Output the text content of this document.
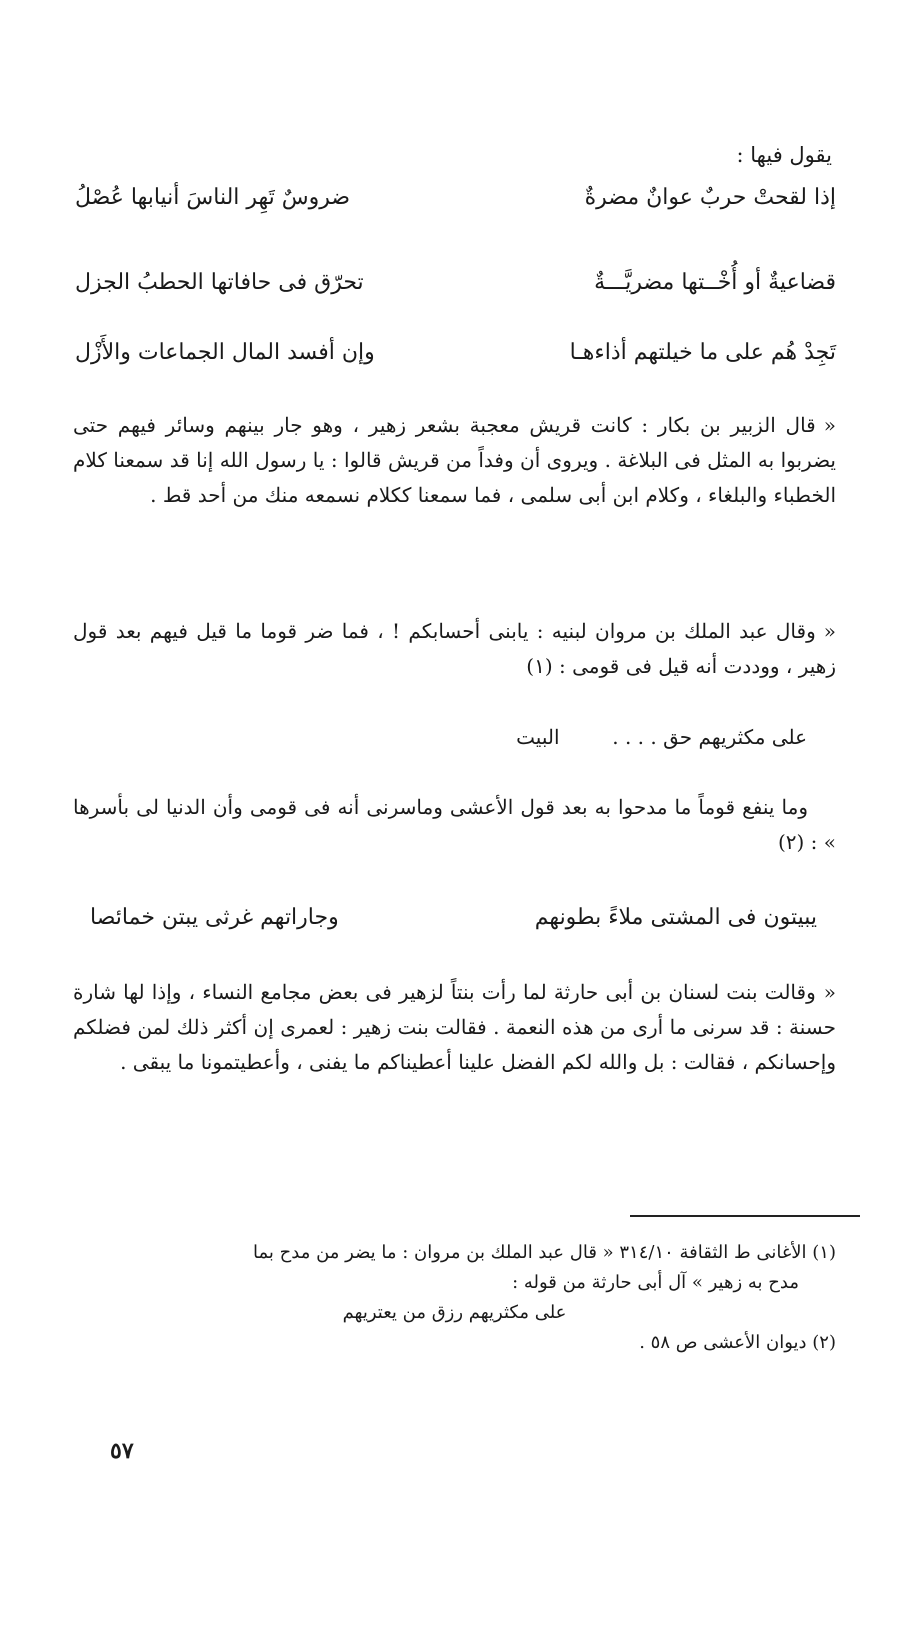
يقول فيها :
إذا لقحتْ حربٌ عوانٌ مضرةٌ
ضروسٌ تَهِر الناسَ أنيابها عُصْلُ
قضاعيةٌ أو أُخْــتها مضريَّـــةٌ
تحرّق فى حافاتها الحطبُ الجزل
تَجِدْ هُم على ما خيلتهم أذاءهـا
وإن أفسد المال الجماعات والأَزْل
«قال الزبير بن بكار : كانت قريش معجبة بشعر زهير ، وهو جار بينهم وسائر فيهم حتى يضربوا به المثل فى البلاغة . ويروى أن وفداً من قريش قالوا : يا رسول الله إنا قد سمعنا كلام الخطباء والبلغاء ، وكلام ابن أبى سلمى ، فما سمعنا ككلام نسمعه منك من أحد قط .
«وقال عبد الملك بن مروان لبنيه : يابنى أحسابكم ! ، فما ضر قوما ما قيل فيهم بعد قول زهير ، ووددت أنه قيل فى قومى : (١)
على مكثريهم حق . . . .  البيت
وما ينفع قوماً ما مدحوا به بعد قول الأعشى وماسرنى أنه فى قومى وأن الدنيا لى بأسرها » : (٢)
يبيتون فى المشتى ملاءً بطونهم
وجاراتهم غرثى يبتن خمائصا
«وقالت بنت لسنان بن أبى حارثة لما رأت بنتاً لزهير فى بعض مجامع النساء ، وإذا لها شارة حسنة : قد سرنى ما أرى من هذه النعمة . فقالت بنت زهير : لعمرى إن أكثر ذلك لمن فضلكم وإحسانكم ، فقالت : بل والله لكم الفضل علينا أعطيناكم ما يفنى ، وأعطيتمونا ما يبقى .
(١) الأغانى ط الثقافة ٣١٤/١٠ « قال عبد الملك بن مروان : ما يضر من مدح بما
مدح به زهير » آل أبى حارثة من قوله :
على مكثريهم رزق من يعتريهم
(٢) ديوان الأعشى ص ٥٨ .
٥٧
